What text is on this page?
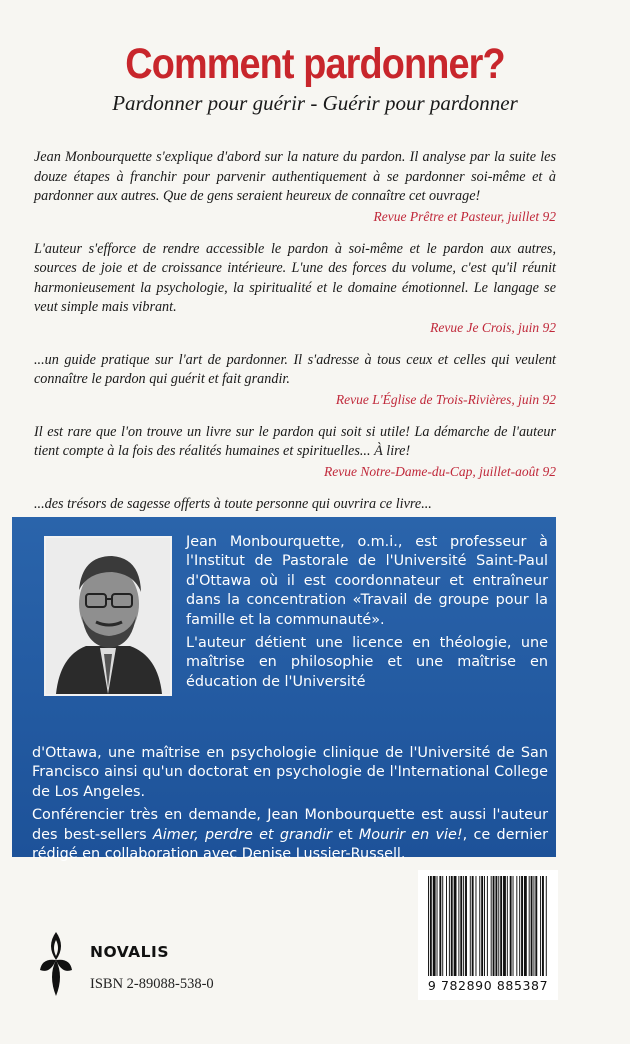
Comment pardonner?
Pardonner pour guérir - Guérir pour pardonner

Jean Monbourquette s'explique d'abord sur la nature du pardon. Il analyse par la suite les douze étapes à franchir pour parvenir authentiquement à se pardonner soi-même et à pardonner aux autres. Que de gens seraient heureux de connaître cet ouvrage!

Revue Prêtre et Pasteur, juillet 92

L'auteur s'efforce de rendre accessible le pardon à soi-même et le pardon aux autres, sources de joie et de croissance intérieure. L'une des forces du volume, c'est qu'il réunit harmonieusement la psychologie, la spiritualité et le domaine émotionnel. Le langage se veut simple mais vibrant.

Revue Je Crois, juin 92

...un guide pratique sur l'art de pardonner. Il s'adresse à tous ceux et celles qui veulent connaître le pardon qui guérit et fait grandir.

Revue L'Église de Trois-Rivières, juin 92

Il est rare que l'on trouve un livre sur le pardon qui soit si utile! La démarche de l'auteur tient compte à la fois des réalités humaines et spirituelles... À lire!

Revue Notre-Dame-du-Cap, juillet-août 92

...des trésors de sagesse offerts à toute personne qui ouvrira ce livre...

Jean Monbourquette, o.m.i., est professeur à l'Institut de Pastorale de l'Université Saint-Paul d'Ottawa où il est coordonnateur et entraîneur dans la concentration «Travail de groupe pour la famille et la communauté».

L'auteur détient une licence en théologie, une maîtrise en philosophie et une maîtrise en éducation de l'Université

d'Ottawa, une maîtrise en psychologie clinique de l'Université de San Francisco ainsi qu'un doctorat en psychologie de l'International College de Los Angeles.

Conférencier très en demande, Jean Monbourquette est aussi l'auteur des best-sellers Aimer, perdre et grandir et Mourir en vie!, ce dernier rédigé en collaboration avec Denise Lussier-Russell.

NOVALIS
ISBN 2-89088-538-0	9 782890 885387
